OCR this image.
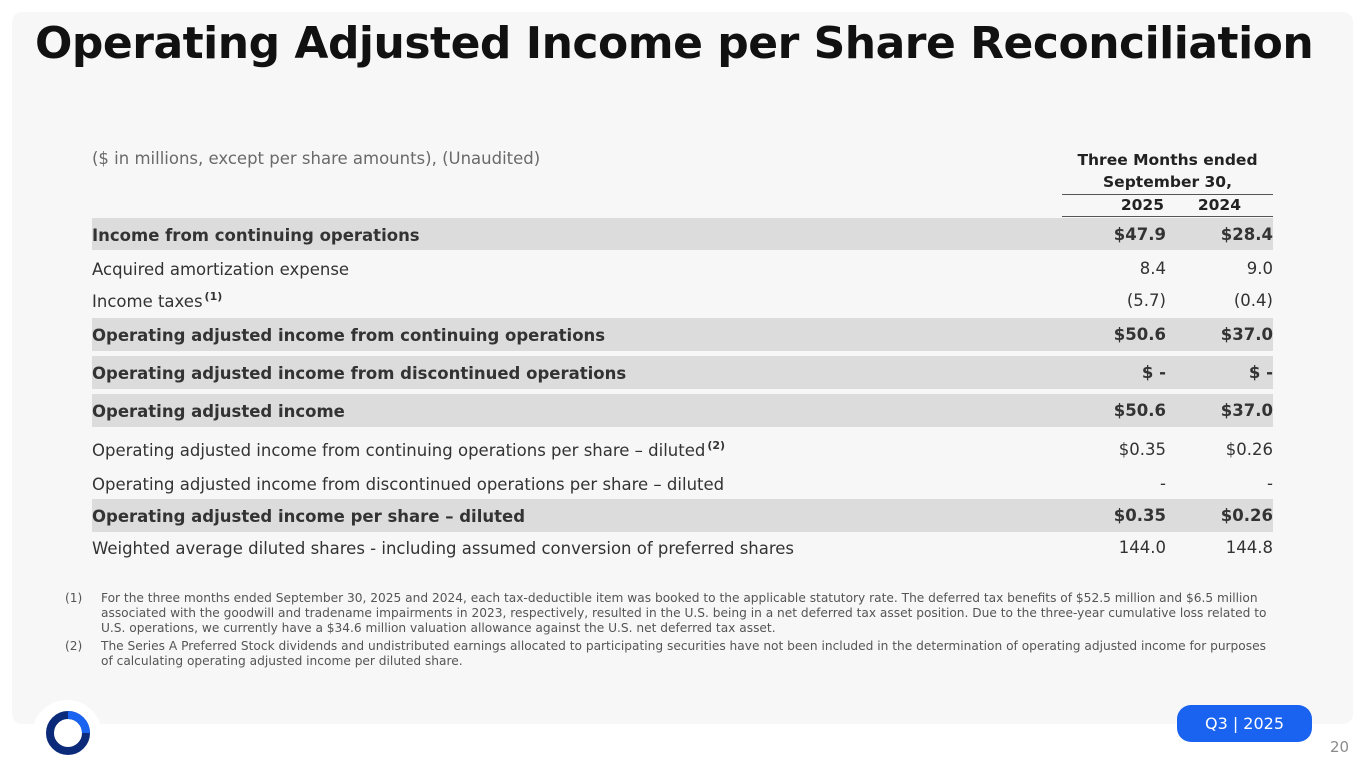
Operating Adjusted Income per Share Reconciliation
($ in millions, except per share amounts), (Unaudited)	Three Months ended September 30,
2025	2024
Income from continuing operations	$47.9	$28.4
Acquired amortization expense	8.4	9.0
Income taxes $^{(1)}$	(5.7)	(0.4)
Operating adjusted income from continuing operations	$50.6	$37.0
Operating adjusted income from discontinued operations	$ -	$ -
Operating adjusted income	$50.6	$37.0
Operating adjusted income from continuing operations per share – diluted $^{(2)}$	$0.35	$0.26
Operating adjusted income from discontinued operations per share – diluted	-	-
Operating adjusted income per share – diluted	$0.35	$0.26
Weighted average diluted shares - including assumed conversion of preferred shares	144.0	144.8
(1)	For the three months ended September 30, 2025 and 2024, each tax-deductible item was booked to the applicable statutory rate. The deferred tax benefits of $52.5 million and $6.5 million associated with the goodwill and tradename impairments in 2023, respectively, resulted in the U.S. being in a net deferred tax asset position. Due to the three-year cumulative loss related to U.S. operations, we currently have a $34.6 million valuation allowance against the U.S. net deferred tax asset.
(2)	The Series A Preferred Stock dividends and undistributed earnings allocated to participating securities have not been included in the determination of operating adjusted income for purposes of calculating operating adjusted income per diluted share.
Q3 | 2025
20
